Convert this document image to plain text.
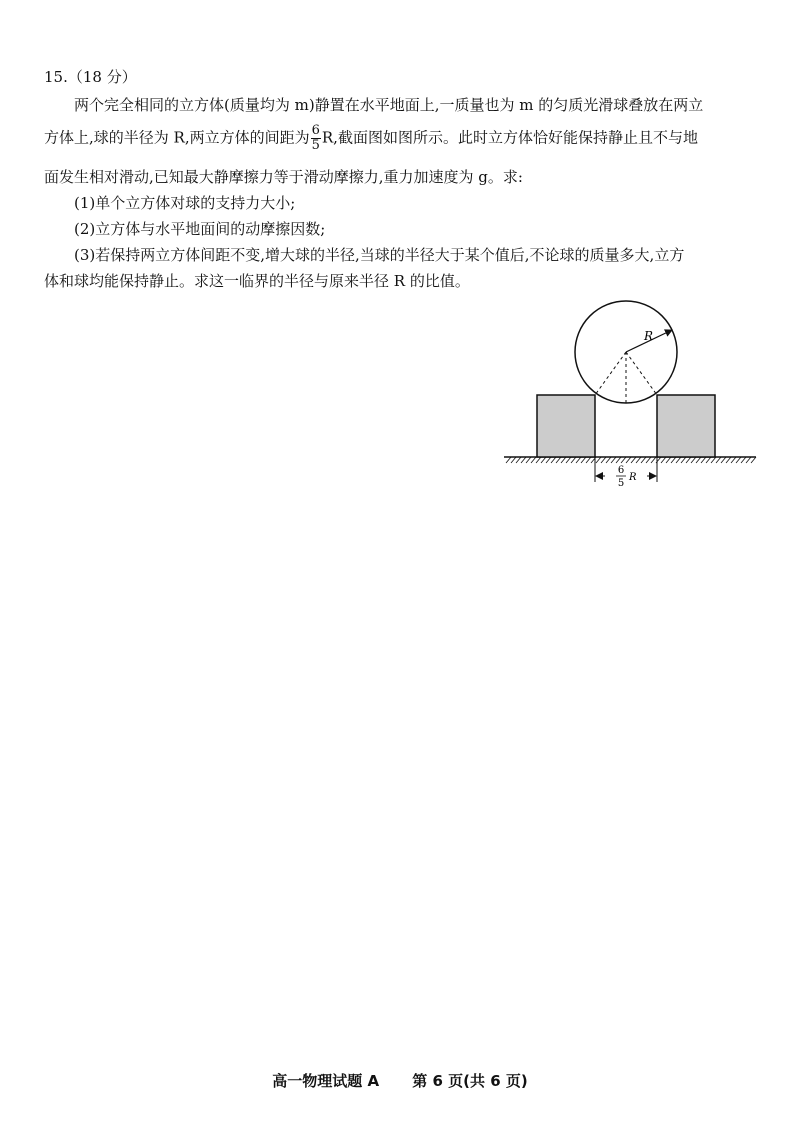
15.（18 分）
两个完全相同的立方体(质量均为 m)静置在水平地面上,一质量也为 m 的匀质光滑球叠放在两立
方体上,球的半径为 R,两立方体的间距为 $\frac{6}{5} R$,截面图如图所示。此时立方体恰好能保持静止且不与地
面发生相对滑动,已知最大静摩擦力等于滑动摩擦力,重力加速度为 g。求:
(1)单个立方体对球的支持力大小;
(2)立方体与水平地面间的动摩擦因数;
(3)若保持两立方体间距不变,增大球的半径,当球的半径大于某个值后,不论球的质量多大,立方
体和球均能保持静止。求这一临界的半径与原来半径 R 的比值。
R
6
5
R
高一物理试题 A 第 6 页(共 6 页)
